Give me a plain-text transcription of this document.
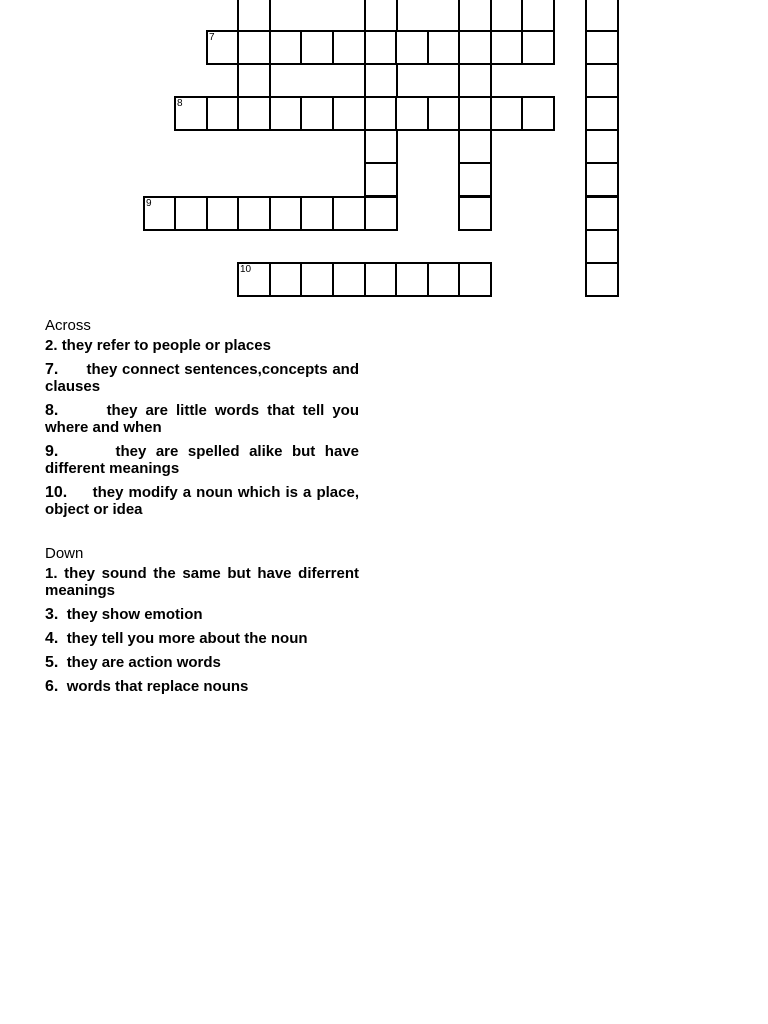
7
8
9
10
Across
2. they refer to people or places
7. they connect sentences,concepts and clauses
8.	they are little words that tell you where and when
9.	they are spelled alike but have different meanings
10. they modify a noun which is a place, object or idea
Down
1. they sound the same but have diferrent meanings
3. they show emotion
4. they tell you more about the noun
5. they are action words
6. words that replace nouns
